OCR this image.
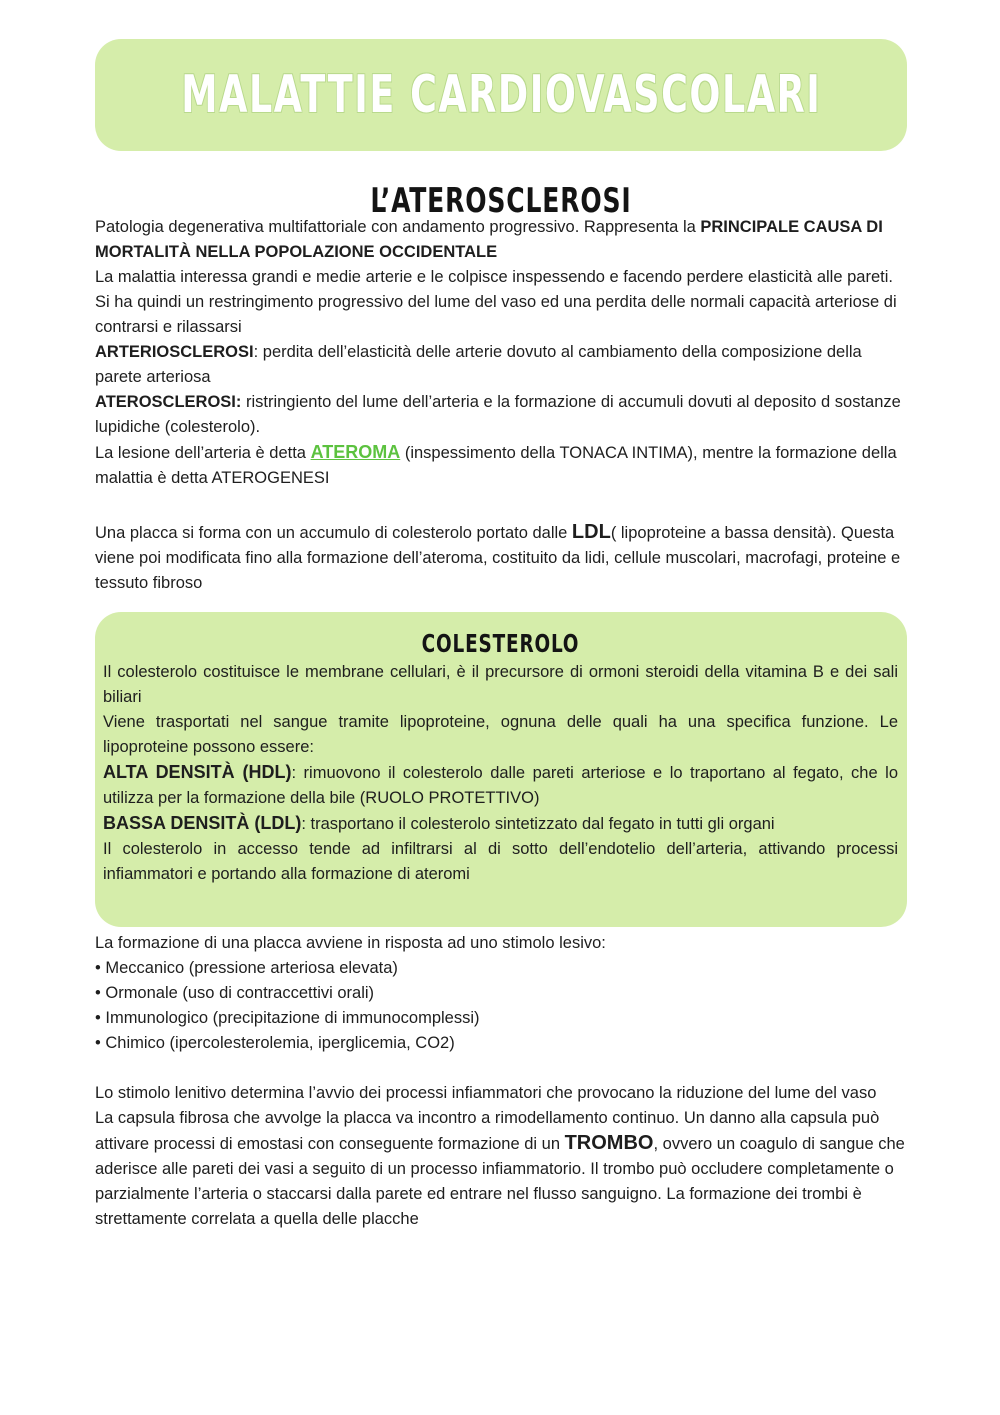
MALATTIE CARDIOVASCOLARI
L’ATEROSCLEROSI

Patologia degenerativa multifattoriale con andamento progressivo. Rappresenta la PRINCIPALE CAUSA DI MORTALITÀ NELLA POPOLAZIONE OCCIDENTALE

La malattia interessa grandi e medie arterie e le colpisce inspessendo e facendo perdere elasticità alle pareti. Si ha quindi un restringimento progressivo del lume del vaso ed una perdita delle normali capacità arteriose di contrarsi e rilassarsi

ARTERIOSCLEROSI: perdita dell’elasticità delle arterie dovuto al cambiamento della composizione della parete arteriosa

ATEROSCLEROSI: ristringiento del lume dell’arteria e la formazione di accumuli dovuti al deposito d sostanze lupidiche (colesterolo).

La lesione dell’arteria è detta ATEROMA (inspessimento della TONACA INTIMA), mentre la formazione della malattia è detta ATEROGENESI

Una placca si forma con un accumulo di colesterolo portato dalle LDL( lipoproteine a bassa densità). Questa viene poi modificata fino alla formazione dell’ateroma, costituito da lidi, cellule muscolari, macrofagi, proteine e tessuto fibroso

COLESTEROLO

Il colesterolo costituisce le membrane cellulari, è il precursore di ormoni steroidi della vitamina B e dei sali biliari

Viene trasportati nel sangue tramite lipoproteine, ognuna delle quali ha una specifica funzione. Le lipoproteine possono essere:

ALTA DENSITÀ (HDL): rimuovono il colesterolo dalle pareti arteriose e lo traportano al fegato, che lo utilizza per la formazione della bile (RUOLO PROTETTIVO)

BASSA DENSITÀ (LDL): trasportano il colesterolo sintetizzato dal fegato in tutti gli organi

Il colesterolo in accesso tende ad infiltrarsi al di sotto dell’endotelio dell’arteria, attivando processi infiammatori e portando alla formazione di ateromi

La formazione di una placca avviene in risposta ad uno stimolo lesivo:

• Meccanico (pressione arteriosa elevata)
• Ormonale (uso di contraccettivi orali)
• Immunologico (precipitazione di immunocomplessi)
• Chimico (ipercolesterolemia, iperglicemia, CO2)

Lo stimolo lenitivo determina l’avvio dei processi infiammatori che provocano la riduzione del lume del vaso

La capsula fibrosa che avvolge la placca va incontro a rimodellamento continuo. Un danno alla capsula può attivare processi di emostasi con conseguente formazione di un TROMBO, ovvero un coagulo di sangue che aderisce alle pareti dei vasi a seguito di un processo infiammatorio. Il trombo può occludere completamente o parzialmente l’arteria o staccarsi dalla parete ed entrare nel flusso sanguigno. La formazione dei trombi è strettamente correlata a quella delle placche
